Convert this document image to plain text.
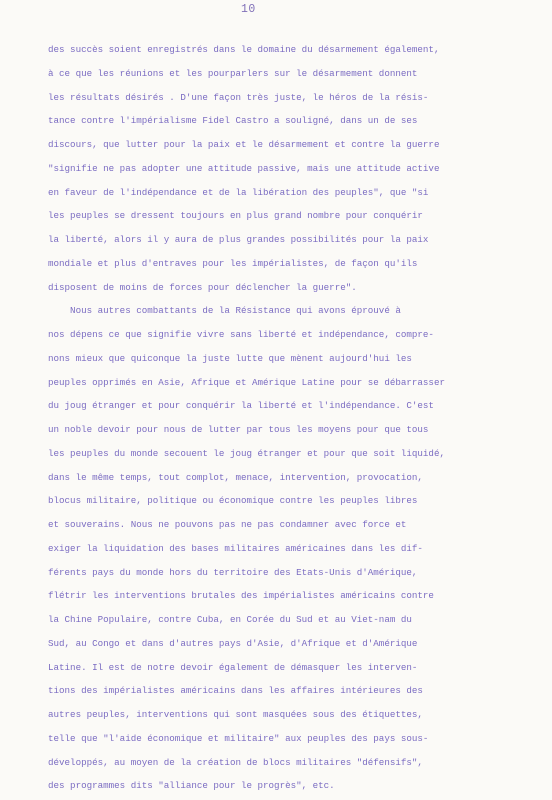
10
des succès soient enregistrés dans le domaine du désarmement également,
à ce que les réunions et les pourparlers sur le désarmement donnent
les résultats désirés . D'une façon très juste, le héros de la résis-
tance contre l'impérialisme Fidel Castro a souligné, dans un de ses
discours, que lutter pour la paix et le désarmement et contre la guerre
"signifie ne pas adopter une attitude passive, mais une attitude active
en faveur de l'indépendance et de la libération des peuples", que "si
les peuples se dressent toujours en plus grand nombre pour conquérir
la liberté, alors il y aura de plus grandes possibilités pour la paix
mondiale et plus d'entraves pour les impérialistes, de façon qu'ils
disposent de moins de forces pour déclencher la guerre".
Nous autres combattants de la Résistance qui avons éprouvé à
nos dépens ce que signifie vivre sans liberté et indépendance, compre-
nons mieux que quiconque la juste lutte que mènent aujourd'hui les
peuples opprimés en Asie, Afrique et Amérique Latine pour se débarrasser
du joug étranger et pour conquérir la liberté et l'indépendance. C'est
un noble devoir pour nous de lutter par tous les moyens pour que tous
les peuples du monde secouent le joug étranger et pour que soit liquidé,
dans le même temps, tout complot, menace, intervention, provocation,
blocus militaire, politique ou économique contre les peuples libres
et souverains. Nous ne pouvons pas ne pas condamner avec force et
exiger la liquidation des bases militaires américaines dans les dif-
férents pays du monde hors du territoire des Etats-Unis d'Amérique,
flétrir les interventions brutales des impérialistes américains contre
la Chine Populaire, contre Cuba, en Corée du Sud et au Viet-nam du
Sud, au Congo et dans d'autres pays d'Asie, d'Afrique et d'Amérique
Latine. Il est de notre devoir également de démasquer les interven-
tions des impérialistes américains dans les affaires intérieures des
autres peuples, interventions qui sont masquées sous des étiquettes,
telle que "l'aide économique et militaire" aux peuples des pays sous-
développés, au moyen de la création de blocs militaires "défensifs",
des programmes dits "alliance pour le progrès", etc.
